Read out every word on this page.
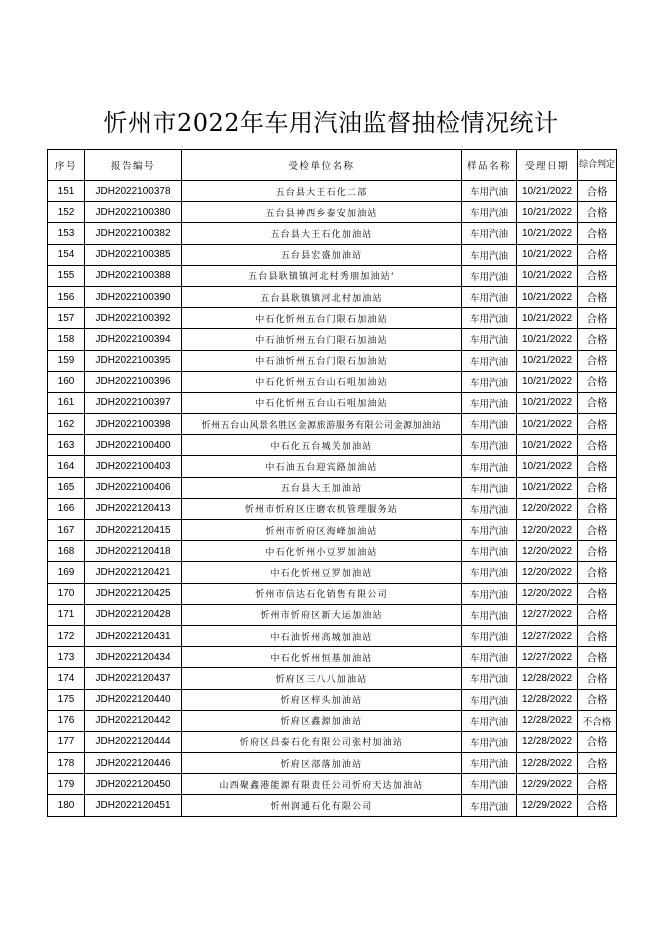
忻州市2022年车用汽油监督抽检情况统计
序号	报告编号	受检单位名称	样品名称	受理日期	综合判定
151	JDH2022100378	五台县大王石化二部	车用汽油	10/21/2022	合格
152	JDH2022100380	五台县神西乡泰安加油站	车用汽油	10/21/2022	合格
153	JDH2022100382	五台县大王石化加油站	车用汽油	10/21/2022	合格
154	JDH2022100385	五台县宏盛加油站	车用汽油	10/21/2022	合格
155	JDH2022100388	五台县耿镇镇河北村秀朋加油站‘	车用汽油	10/21/2022	合格
156	JDH2022100390	五台县耿镇镇河北村加油站	车用汽油	10/21/2022	合格
157	JDH2022100392	中石化忻州五台门限石加油站	车用汽油	10/21/2022	合格
158	JDH2022100394	中石油忻州五台门限石加油站	车用汽油	10/21/2022	合格
159	JDH2022100395	中石油忻州五台门限石加油站	车用汽油	10/21/2022	合格
160	JDH2022100396	中石化忻州五台山石咀加油站	车用汽油	10/21/2022	合格
161	JDH2022100397	中石化忻州五台山石咀加油站	车用汽油	10/21/2022	合格
162	JDH2022100398	忻州五台山风景名胜区金源旅游服务有限公司金源加油站	车用汽油	10/21/2022	合格
163	JDH2022100400	中石化五台城关加油站	车用汽油	10/21/2022	合格
164	JDH2022100403	中石油五台迎宾路加油站	车用汽油	10/21/2022	合格
165	JDH2022100406	五台县大王加油站	车用汽油	10/21/2022	合格
166	JDH2022120413	忻州市忻府区庄磨农机管理服务站	车用汽油	12/20/2022	合格
167	JDH2022120415	忻州市忻府区海峰加油站	车用汽油	12/20/2022	合格
168	JDH2022120418	中石化忻州小豆罗加油站	车用汽油	12/20/2022	合格
169	JDH2022120421	中石化忻州豆罗加油站	车用汽油	12/20/2022	合格
170	JDH2022120425	忻州市信达石化销售有限公司	车用汽油	12/20/2022	合格
171	JDH2022120428	忻州市忻府区新大运加油站	车用汽油	12/27/2022	合格
172	JDH2022120431	中石油忻州高城加油站	车用汽油	12/27/2022	合格
173	JDH2022120434	中石化忻州恒基加油站	车用汽油	12/27/2022	合格
174	JDH2022120437	忻府区三八八加油站	车用汽油	12/28/2022	合格
175	JDH2022120440	忻府区梓头加油站	车用汽油	12/28/2022	合格
176	JDH2022120442	忻府区鑫源加油站	车用汽油	12/28/2022	不合格
177	JDH2022120444	忻府区昌泰石化有限公司张村加油站	车用汽油	12/28/2022	合格
178	JDH2022120446	忻府区部落加油站	车用汽油	12/28/2022	合格
179	JDH2022120450	山西聚鑫港能源有限责任公司忻府天达加油站	车用汽油	12/29/2022	合格
180	JDH2022120451	忻州润通石化有限公司	车用汽油	12/29/2022	合格
